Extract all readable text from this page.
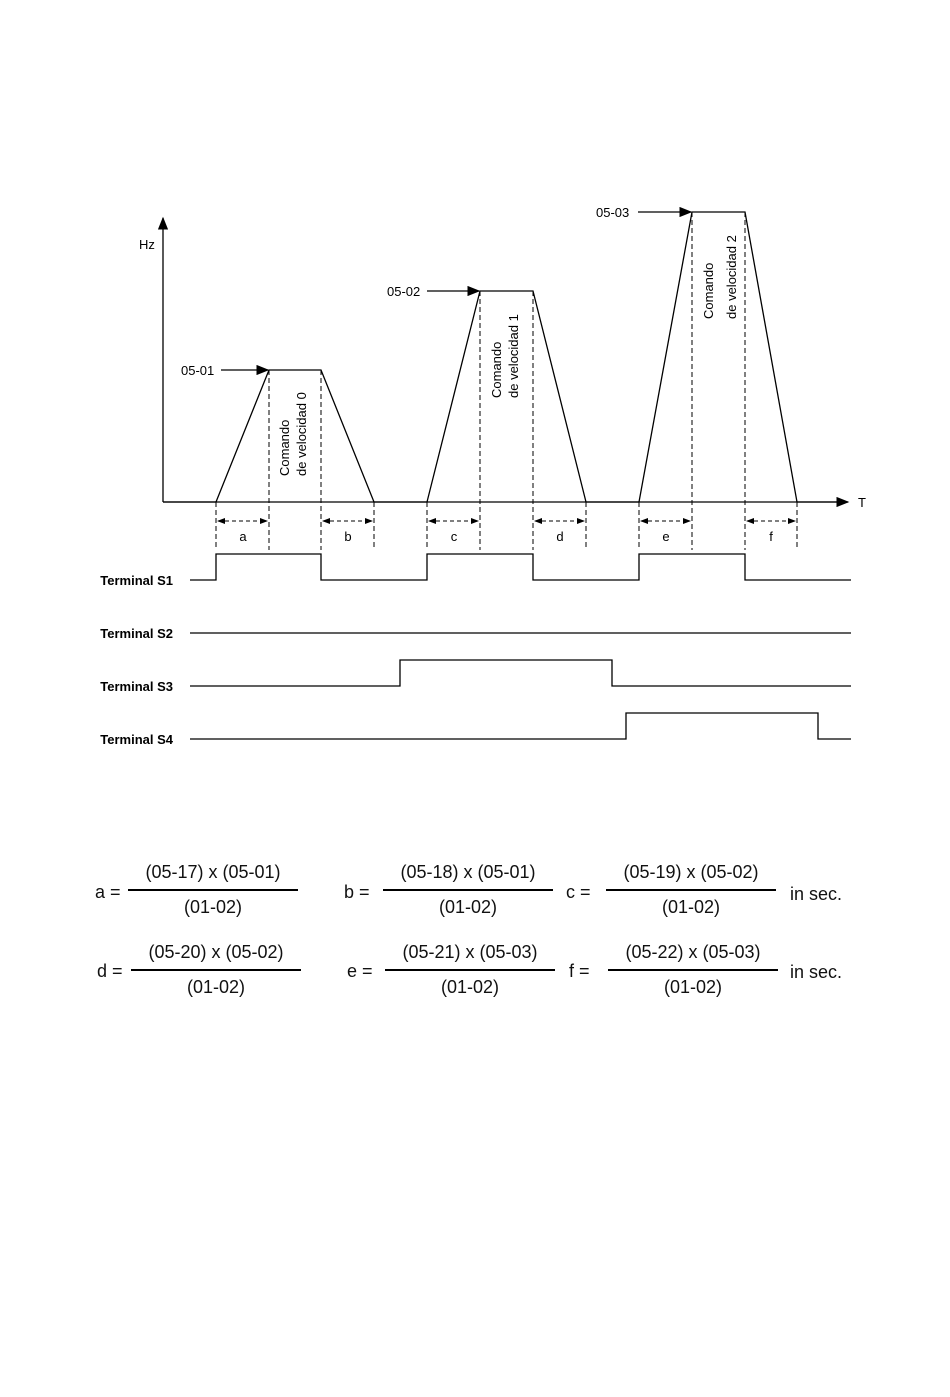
Hz
T
05-01
05-02
05-03
a	b	c	d	e	f
Comando de velocidad 0
Comando de velocidad 1
Comando de velocidad 2
Terminal S1
Terminal S2
Terminal S3
Terminal S4
a =
(05-17) x (05-01)
(01-02)
b =
(05-18) x (05-01)
(01-02)
c =
(05-19) x (05-02)
(01-02)
in sec.
d =
(05-20) x (05-02)
(01-02)
e =
(05-21) x (05-03)
(01-02)
f =
(05-22) x (05-03)
(01-02)
in sec.
